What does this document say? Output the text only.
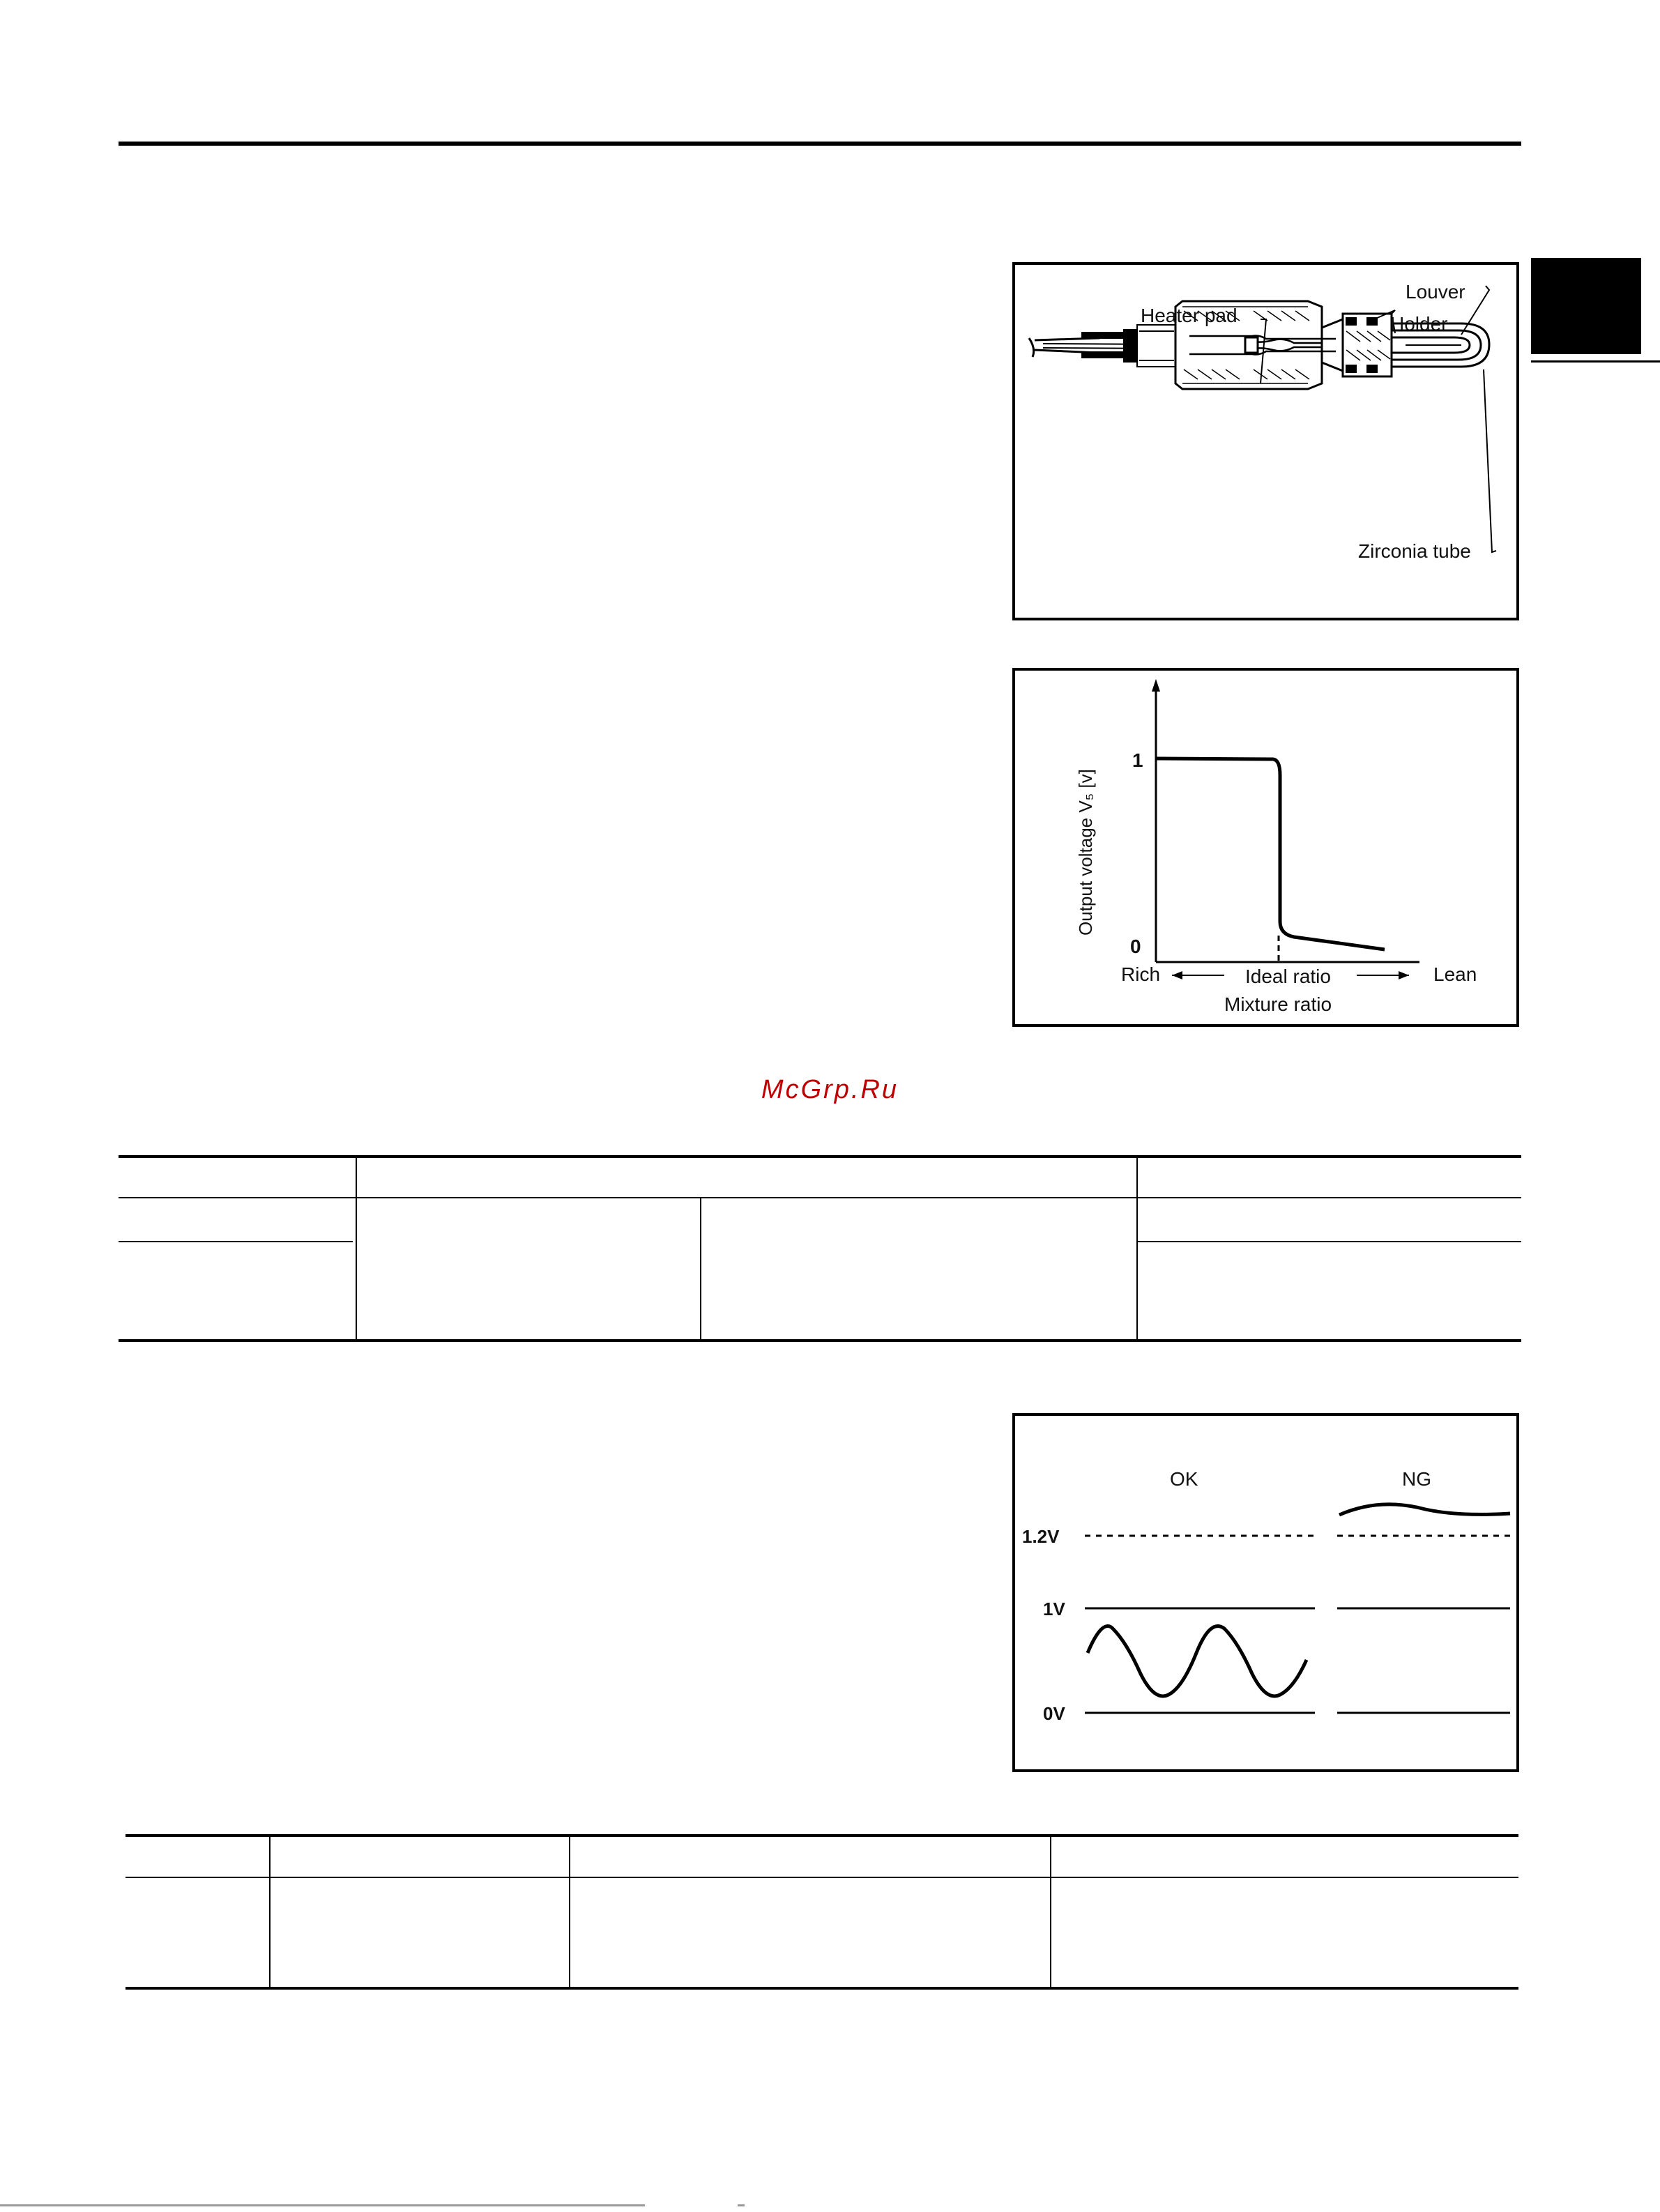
Louver
Holder
Heater pad
Zirconia tube
1
0
Output voltage V₅ [v]
Rich	Ideal ratio	Lean
Mixture ratio
McGrp.Ru
OK	NG
1.2V
1V
0V
